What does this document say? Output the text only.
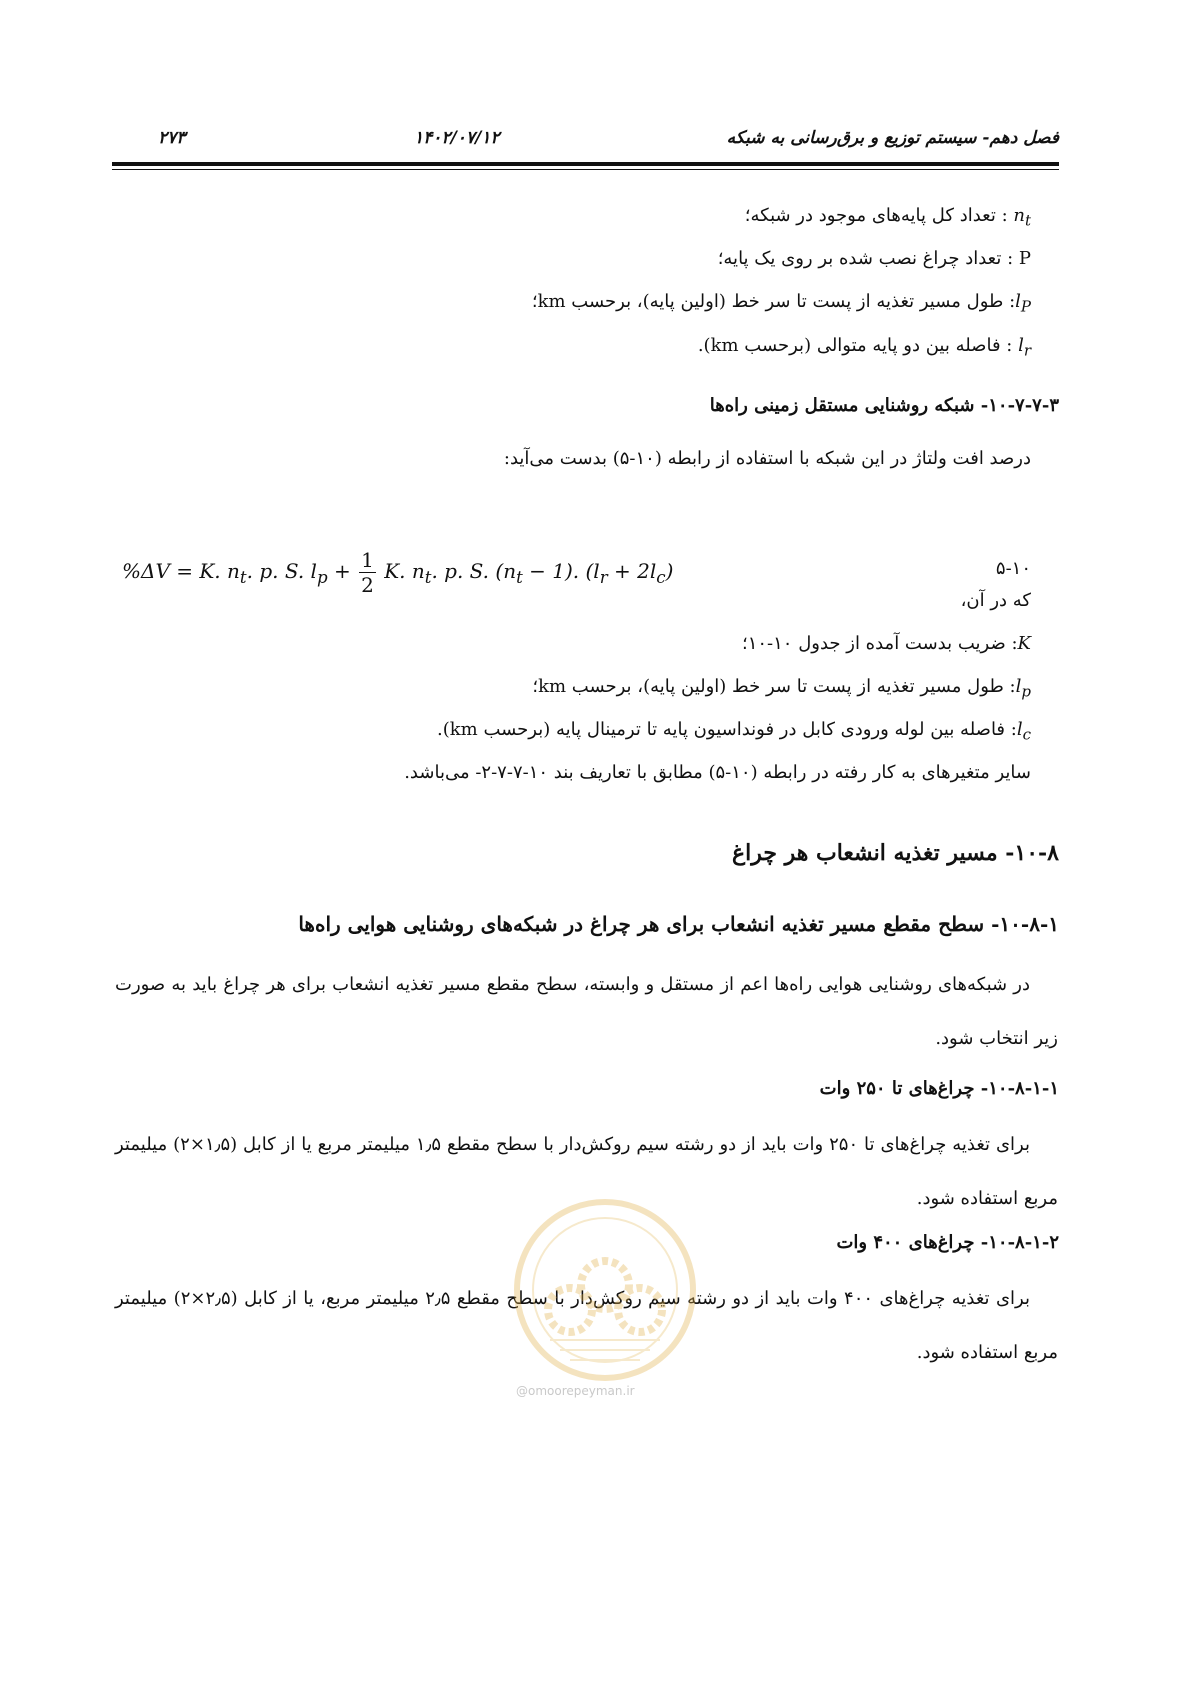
۲۷۳	۱۴۰۲/۰۷/۱۲	فصل دهم- سیستم توزیع و برق‌رسانی به شبکه
$n_t$ : تعداد کل پایه‌های موجود در شبکه؛
P : تعداد چراغ نصب شده بر روی یک پایه؛
$l_P$: طول مسیر تغذیه از پست تا سر خط (اولین پایه)، برحسب km؛
$l_r$ : فاصله بین دو پایه متوالی (برحسب km).
۱۰-۷-۷-۳- شبکه روشنایی مستقل زمینی راه‌ها
درصد افت ولتاژ در این شبکه با استفاده از رابطه (۱۰-۵) بدست می‌آید:
%ΔV = K. $n_t$. p. S. $l_p + \frac{1}{2} K$. $n_t$. p. S. $(n_t - 1)$. $(l_r + 2l_c)$	۵-۱۰
که در آن،
K: ضریب بدست آمده از جدول ۱۰-۱۰؛
$l_p$: طول مسیر تغذیه از پست تا سر خط (اولین پایه)، برحسب km؛
$l_c$: فاصله بین لوله ورودی کابل در فونداسیون پایه تا ترمینال پایه (برحسب km).
سایر متغیرهای به کار رفته در رابطه (۱۰-۵) مطابق با تعاریف بند ۱۰-۷-۷-۲- می‌باشد.
۱۰-۸- مسیر تغذیه انشعاب هر چراغ
۱۰-۸-۱- سطح مقطع مسیر تغذیه انشعاب برای هر چراغ در شبکه‌های روشنایی هوایی راه‌ها
در شبکه‌های روشنایی هوایی راه‌ها اعم از مستقل و وابسته، سطح مقطع مسیر تغذیه انشعاب برای هر چراغ باید به صورت زیر انتخاب شود.
۱۰-۸-۱-۱- چراغ‌های تا ۲۵۰ وات
برای تغذیه چراغ‌های تا ۲۵۰ وات باید از دو رشته سیم روکش‌دار با سطح مقطع ۱٫۵ میلیمتر مربع یا از کابل (۱٫۵×۲) میلیمتر مربع استفاده شود.
۱۰-۸-۱-۲- چراغ‌های ۴۰۰ وات
برای تغذیه چراغ‌های ۴۰۰ وات باید از دو رشته سیم روکش‌دار با سطح مقطع ۲٫۵ میلیمتر مربع، یا از کابل (۲٫۵×۲) میلیمتر مربع استفاده شود.
@omoorepeyman.ir
